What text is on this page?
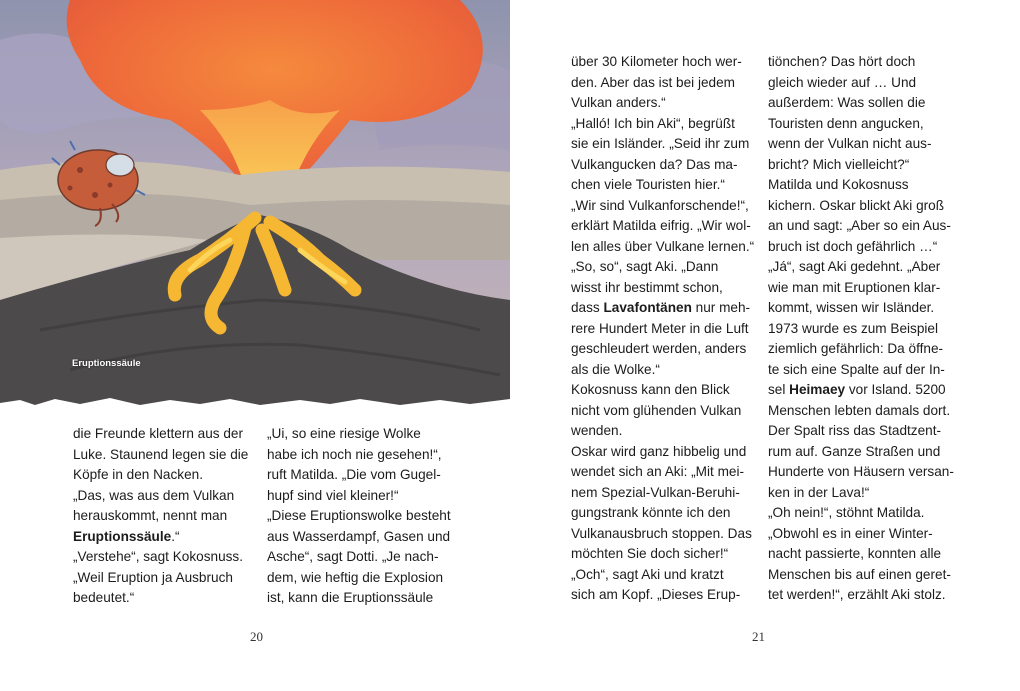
Eruptionssäule
die Freunde klettern aus der
Luke. Staunend legen sie die
Köpfe in den Nacken.
„Das, was aus dem Vulkan
herauskommt, nennt man
Eruptionssäule.“
„Verstehe“, sagt Kokosnuss.
„Weil Eruption ja Ausbruch
bedeutet.“
„Ui, so eine riesige Wolke
habe ich noch nie gesehen!“,
ruft Matilda. „Die vom Gugel-
hupf sind viel kleiner!“
„Diese Eruptionswolke besteht
aus Wasserdampf, Gasen und
Asche“, sagt Dotti. „Je nach-
dem, wie heftig die Explosion
ist, kann die Eruptionssäule
über 30 Kilometer hoch wer-
den. Aber das ist bei jedem
Vulkan anders.“
„Halló! Ich bin Aki“, begrüßt
sie ein Isländer. „Seid ihr zum
Vulkangucken da? Das ma-
chen viele Touristen hier.“
„Wir sind Vulkanforschende!“,
erklärt Matilda eifrig. „Wir wol-
len alles über Vulkane lernen.“
„So, so“, sagt Aki. „Dann
wisst ihr bestimmt schon,
dass Lavafontänen nur meh-
rere Hundert Meter in die Luft
geschleudert werden, anders
als die Wolke.“
Kokosnuss kann den Blick
nicht vom glühenden Vulkan
wenden.
Oskar wird ganz hibbelig und
wendet sich an Aki: „Mit mei-
nem Spezial-Vulkan-Beruhi-
gungstrank könnte ich den
Vulkanausbruch stoppen. Das
möchten Sie doch sicher!“
„Och“, sagt Aki und kratzt
sich am Kopf. „Dieses Erup-
tiönchen? Das hört doch
gleich wieder auf … Und
außerdem: Was sollen die
Touristen denn angucken,
wenn der Vulkan nicht aus-
bricht? Mich vielleicht?“
Matilda und Kokosnuss
kichern. Oskar blickt Aki groß
an und sagt: „Aber so ein Aus-
bruch ist doch gefährlich …“
„Já“, sagt Aki gedehnt. „Aber
wie man mit Eruptionen klar-
kommt, wissen wir Isländer.
1973 wurde es zum Beispiel
ziemlich gefährlich: Da öffne-
te sich eine Spalte auf der In-
sel Heimaey vor Island. 5200
Menschen lebten damals dort.
Der Spalt riss das Stadtzent-
rum auf. Ganze Straßen und
Hunderte von Häusern versan-
ken in der Lava!“
„Oh nein!“, stöhnt Matilda.
„Obwohl es in einer Winter-
nacht passierte, konnten alle
Menschen bis auf einen geret-
tet werden!“, erzählt Aki stolz.
20	21
